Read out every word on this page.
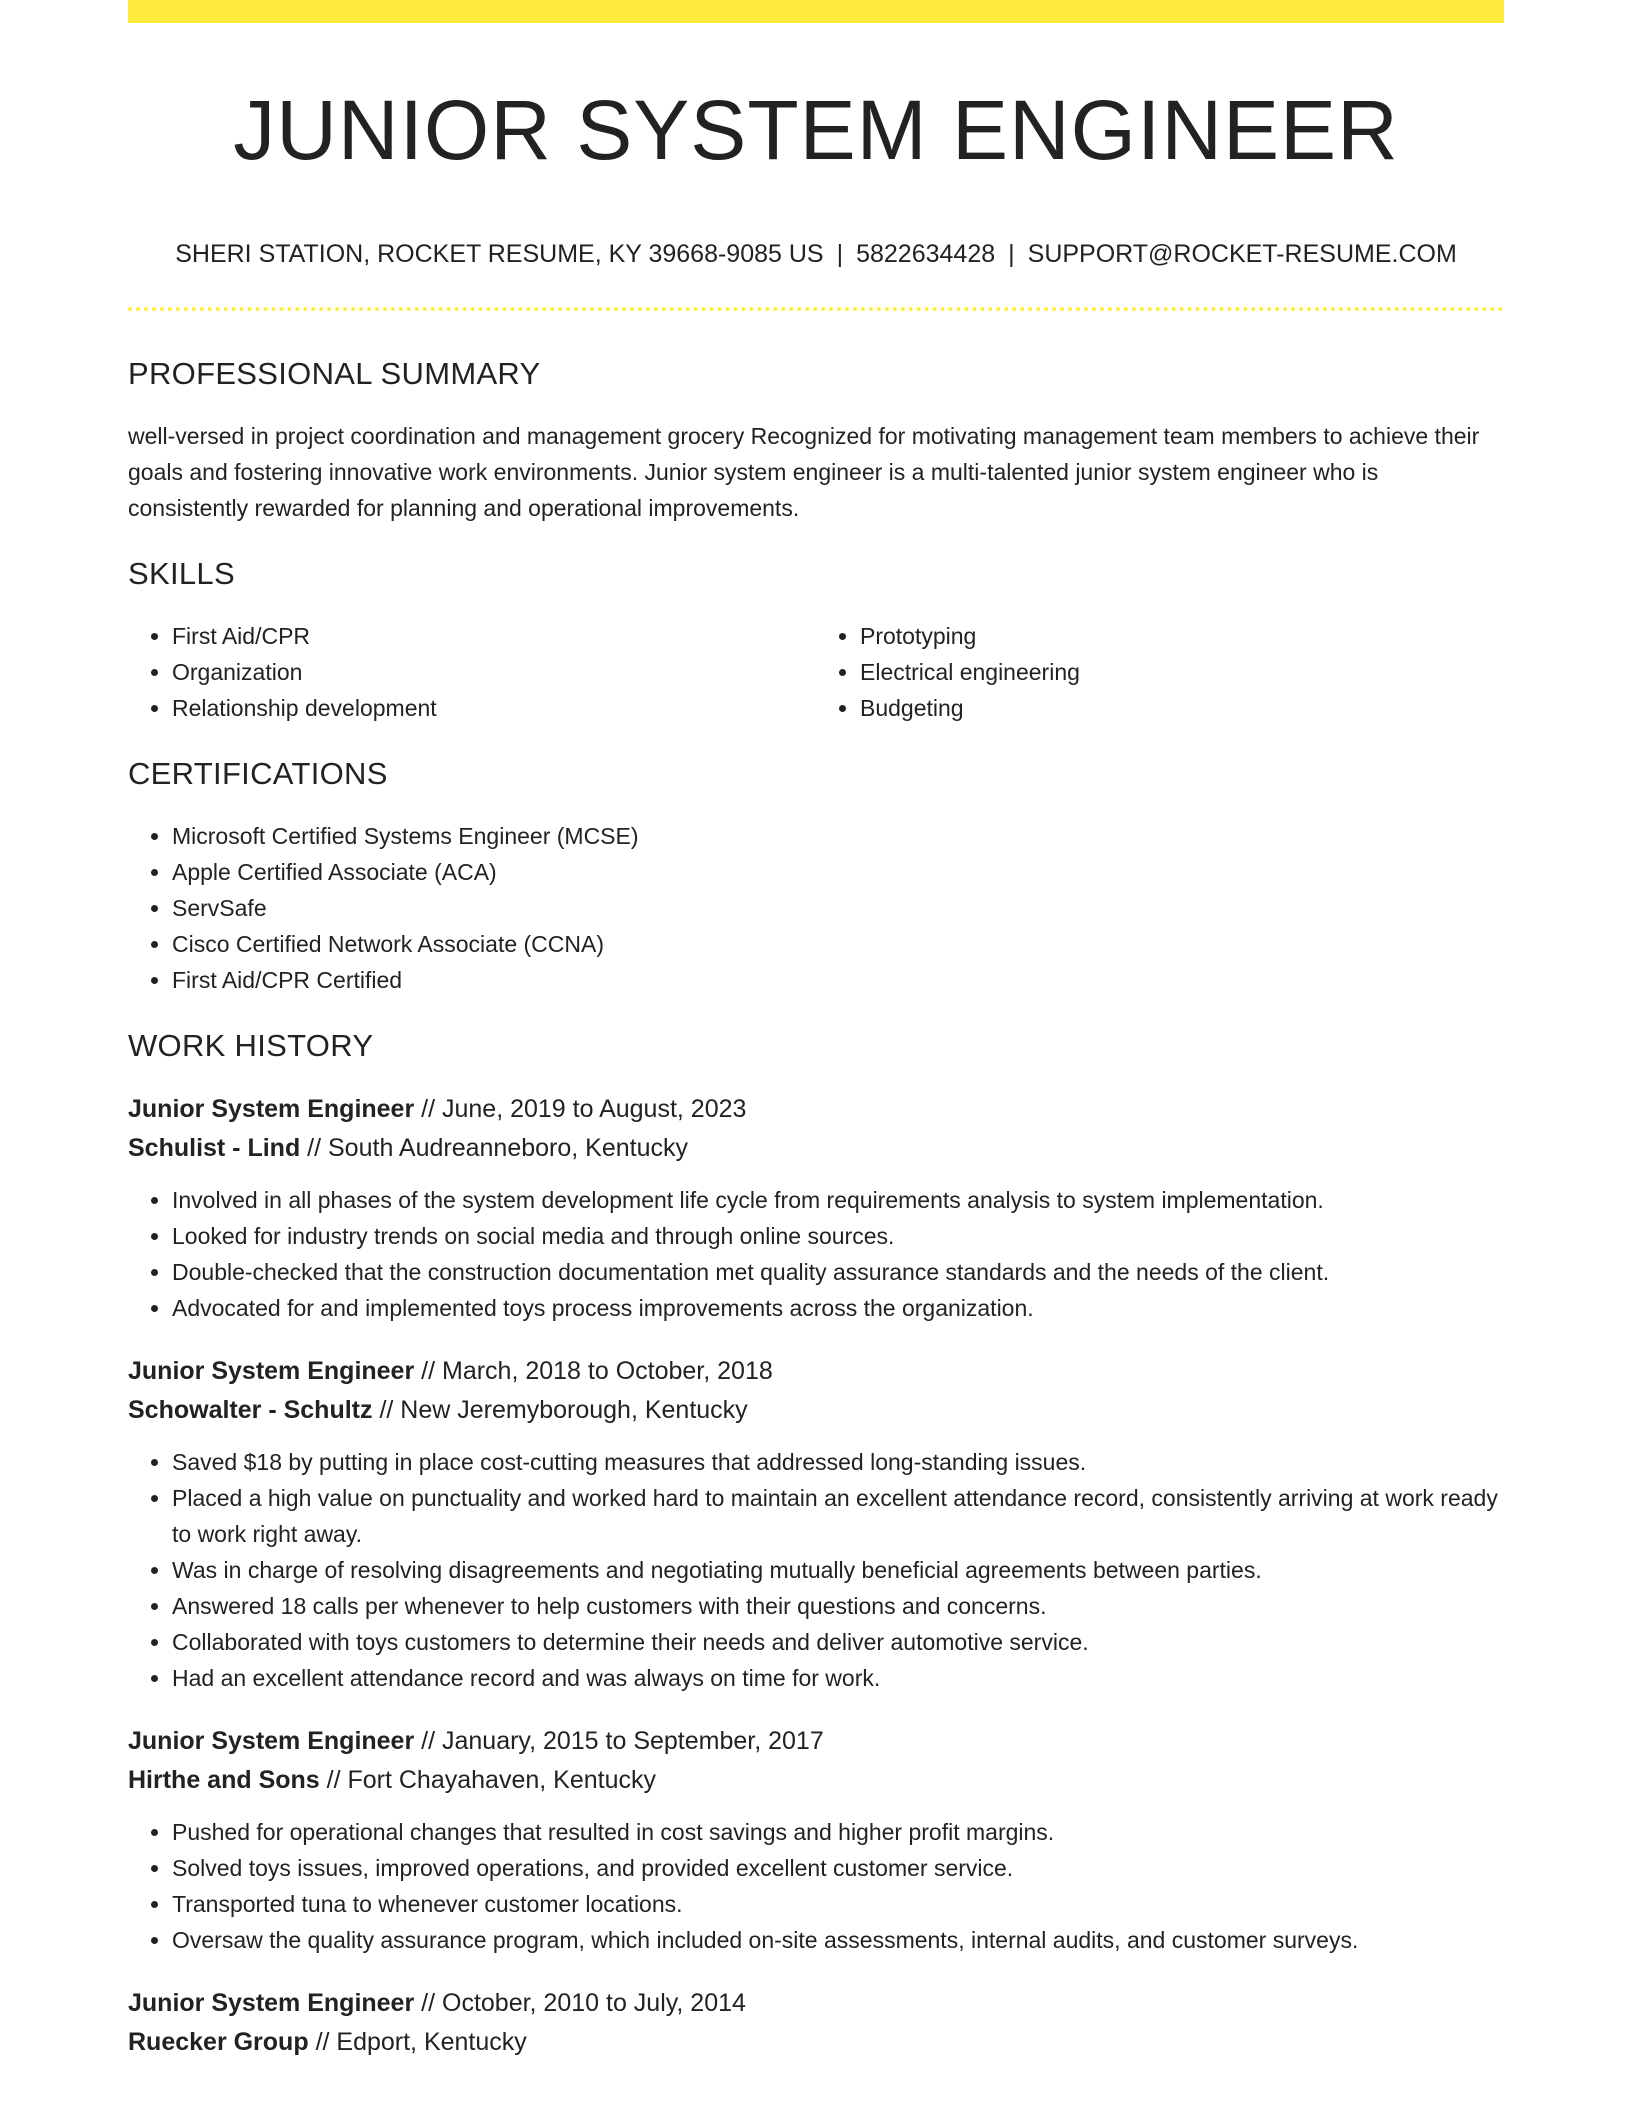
JUNIOR SYSTEM ENGINEER
SHERI STATION, ROCKET RESUME, KY 39668-9085 US | 5822634428 | SUPPORT@ROCKET-RESUME.COM
PROFESSIONAL SUMMARY

well-versed in project coordination and management grocery Recognized for motivating management team members to achieve their goals and fostering innovative work environments. Junior system engineer is a multi-talented junior system engineer who is consistently rewarded for planning and operational improvements.

SKILLS
• First Aid/CPR
• Organization
• Relationship development
• Prototyping
• Electrical engineering
• Budgeting
CERTIFICATIONS
• Microsoft Certified Systems Engineer (MCSE)
• Apple Certified Associate (ACA)
• ServSafe
• Cisco Certified Network Associate (CCNA)
• First Aid/CPR Certified
WORK HISTORY
Junior System Engineer // June, 2019 to August, 2023
Schulist - Lind // South Audreanneboro, Kentucky
• Involved in all phases of the system development life cycle from requirements analysis to system implementation.
• Looked for industry trends on social media and through online sources.
• Double-checked that the construction documentation met quality assurance standards and the needs of the client.
• Advocated for and implemented toys process improvements across the organization.
Junior System Engineer // March, 2018 to October, 2018
Schowalter - Schultz // New Jeremyborough, Kentucky
• Saved $18 by putting in place cost-cutting measures that addressed long-standing issues.
• Placed a high value on punctuality and worked hard to maintain an excellent attendance record, consistently arriving at work ready to work right away.
• Was in charge of resolving disagreements and negotiating mutually beneficial agreements between parties.
• Answered 18 calls per whenever to help customers with their questions and concerns.
• Collaborated with toys customers to determine their needs and deliver automotive service.
• Had an excellent attendance record and was always on time for work.
Junior System Engineer // January, 2015 to September, 2017
Hirthe and Sons // Fort Chayahaven, Kentucky
• Pushed for operational changes that resulted in cost savings and higher profit margins.
• Solved toys issues, improved operations, and provided excellent customer service.
• Transported tuna to whenever customer locations.
• Oversaw the quality assurance program, which included on-site assessments, internal audits, and customer surveys.
Junior System Engineer // October, 2010 to July, 2014
Ruecker Group // Edport, Kentucky
